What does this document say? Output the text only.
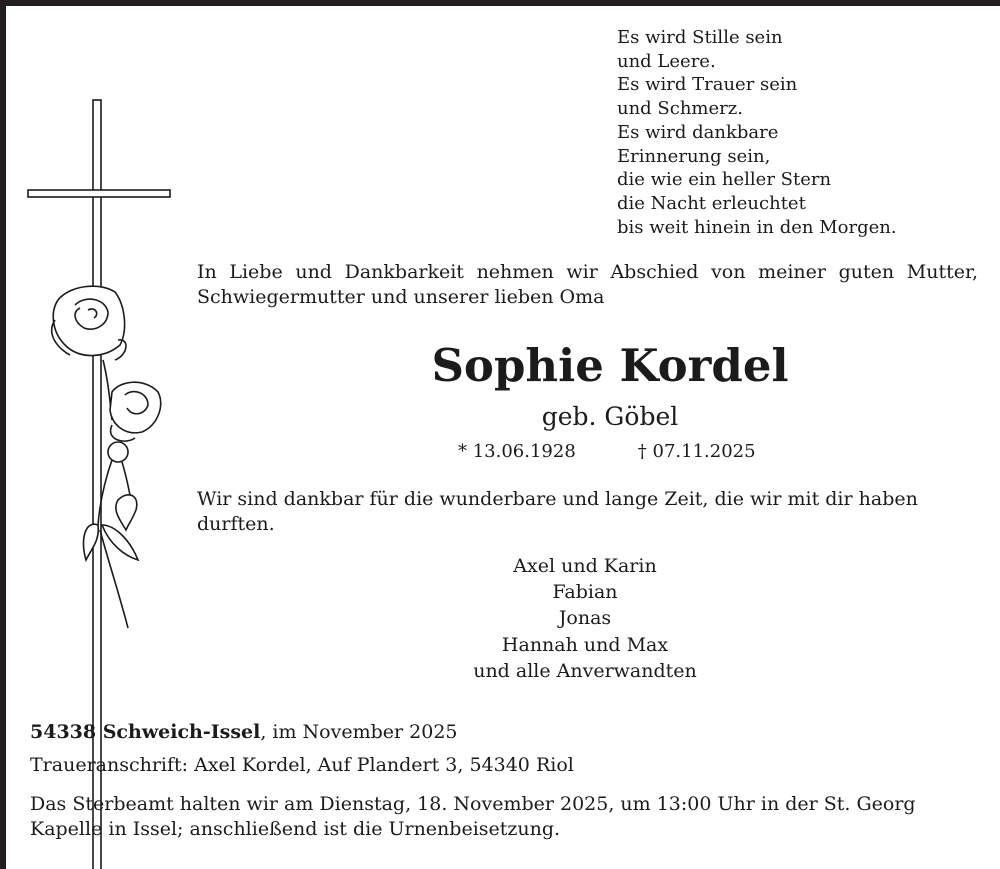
Es wird Stille sein
und Leere.
Es wird Trauer sein
und Schmerz.
Es wird dankbare
Erinnerung sein,
die wie ein heller Stern
die Nacht erleuchtet
bis weit hinein in den Morgen.
In Liebe und Dankbarkeit nehmen wir Abschied von meiner guten Mutter, Schwiegermutter und unserer lieben Oma
Sophie Kordel
geb. Göbel
* 13.06.1928	† 07.11.2025
Wir sind dankbar für die wunderbare und lange Zeit, die wir mit dir haben durften.
Axel und Karin
Fabian
Jonas
Hannah und Max
und alle Anverwandten
54338 Schweich-Issel, im November 2025
Traueranschrift: Axel Kordel, Auf Plandert 3, 54340 Riol
Das Sterbeamt halten wir am Dienstag, 18. November 2025, um 13:00 Uhr in der St. Georg Kapelle in Issel; anschließend ist die Urnenbeisetzung.
